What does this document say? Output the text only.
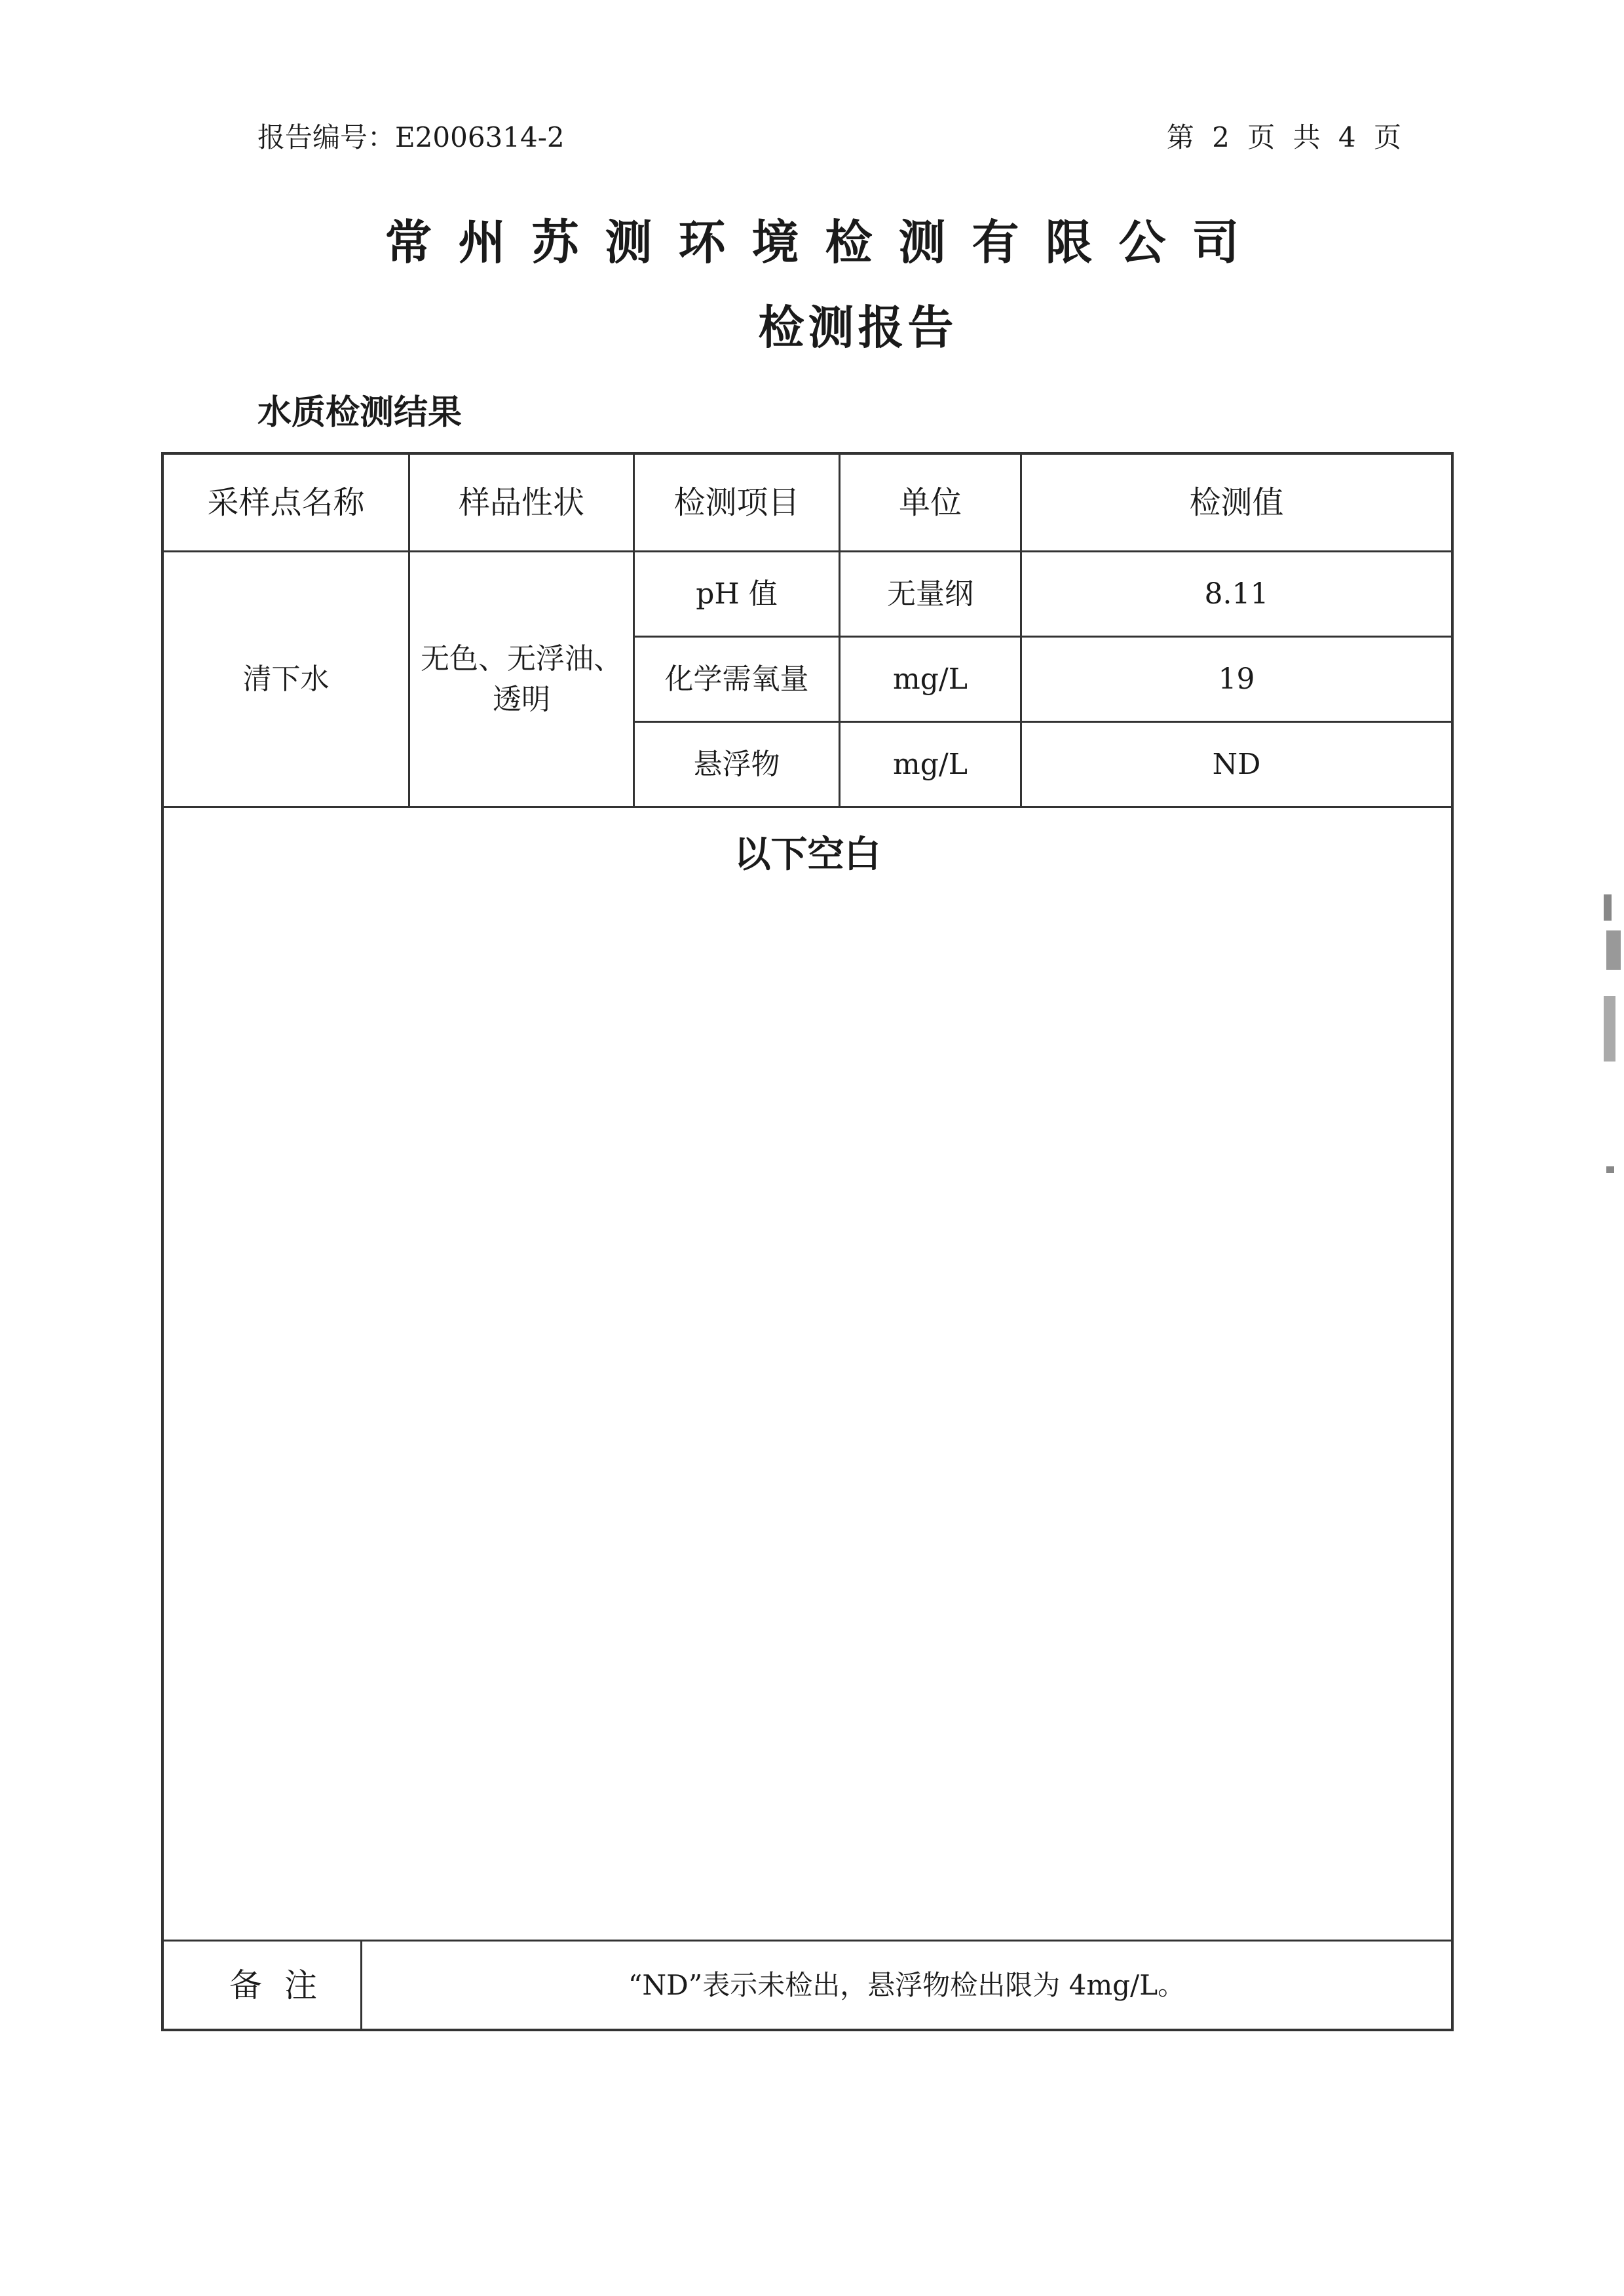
报告编号：E2006314-2	第 2 页 共 4 页
常州苏测环境检测有限公司
检测报告
水质检测结果
采样点名称	样品性状	检测项目	单位	检测值
清下水
无色、无浮油、
透明
pH 值	无量纲	8.11
化学需氧量	mg/L	19
悬浮物	mg/L	ND
以下空白
备注	“ND”表示未检出，悬浮物检出限为 4mg/L。
